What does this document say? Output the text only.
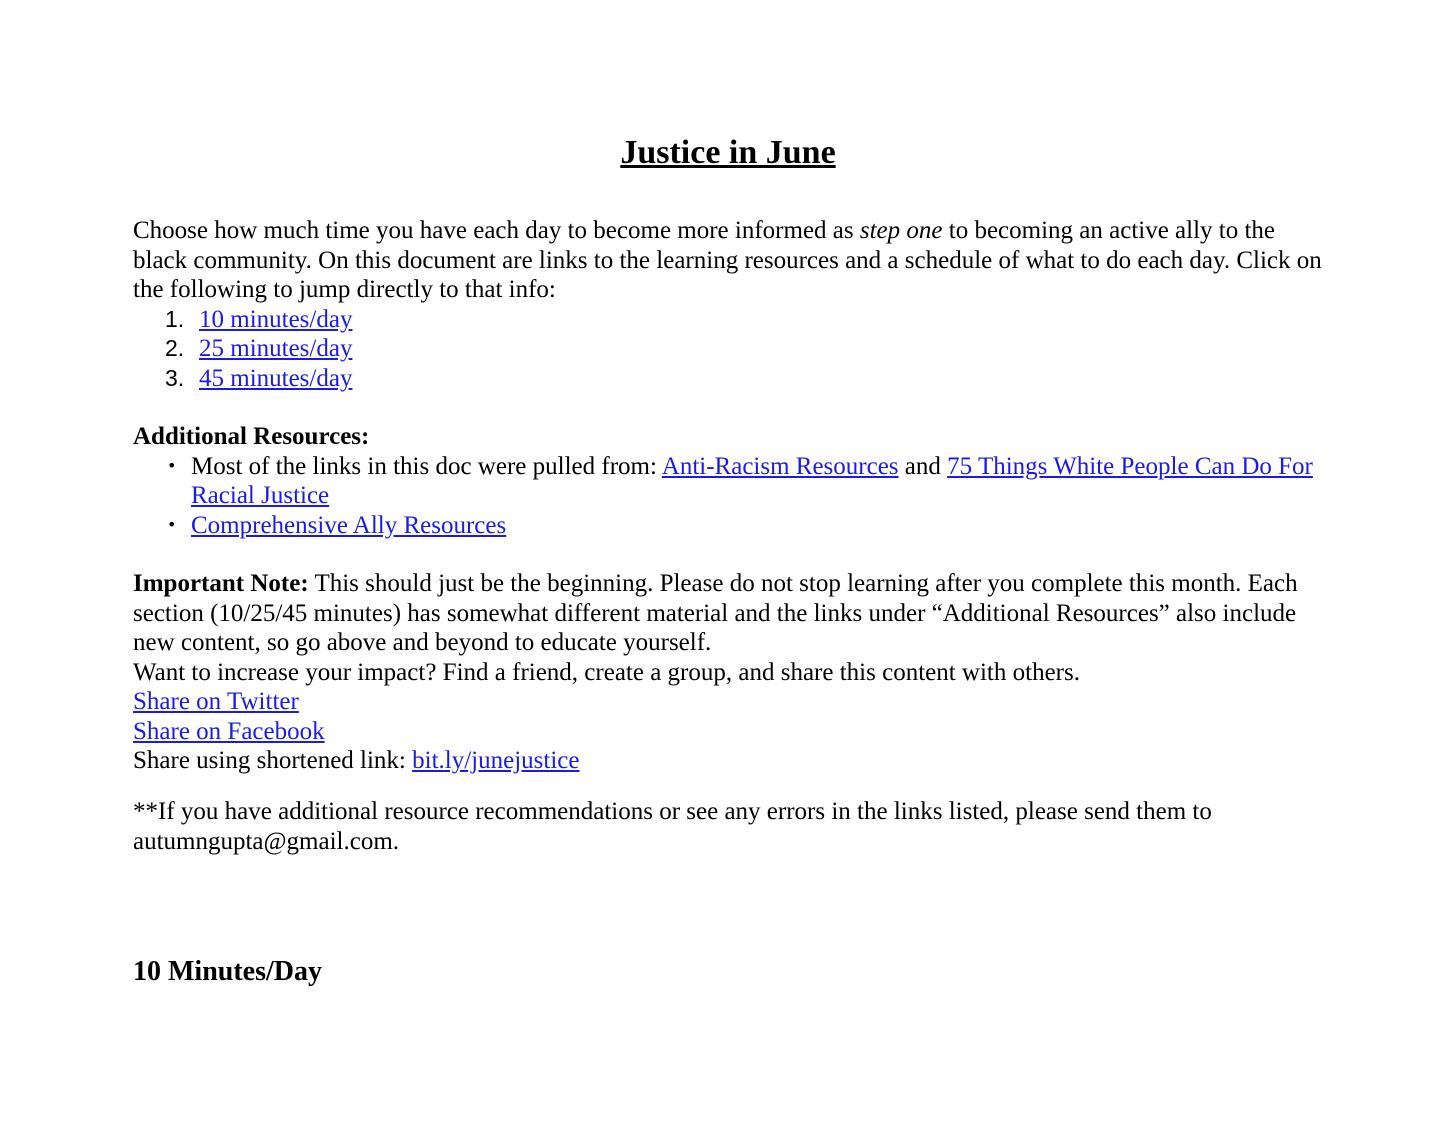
Justice in June

Choose how much time you have each day to become more informed as step one to becoming an active ally to the black community. On this document are links to the learning resources and a schedule of what to do each day. Click on the following to jump directly to that info:

1. 10 minutes/day
2. 25 minutes/day
3. 45 minutes/day
Additional Resources:
• Most of the links in this doc were pulled from: Anti-Racism Resources and 75 Things White People Can Do For Racial Justice
• Comprehensive Ally Resources

Important Note: This should just be the beginning. Please do not stop learning after you complete this month. Each section (10/25/45 minutes) has somewhat different material and the links under “Additional Resources” also include new content, so go above and beyond to educate yourself.

Want to increase your impact? Find a friend, create a group, and share this content with others.

Share on Twitter

Share on Facebook

Share using shortened link: bit.ly/junejustice

**If you have additional resource recommendations or see any errors in the links listed, please send them to autumngupta@gmail.com.

10 Minutes/Day
